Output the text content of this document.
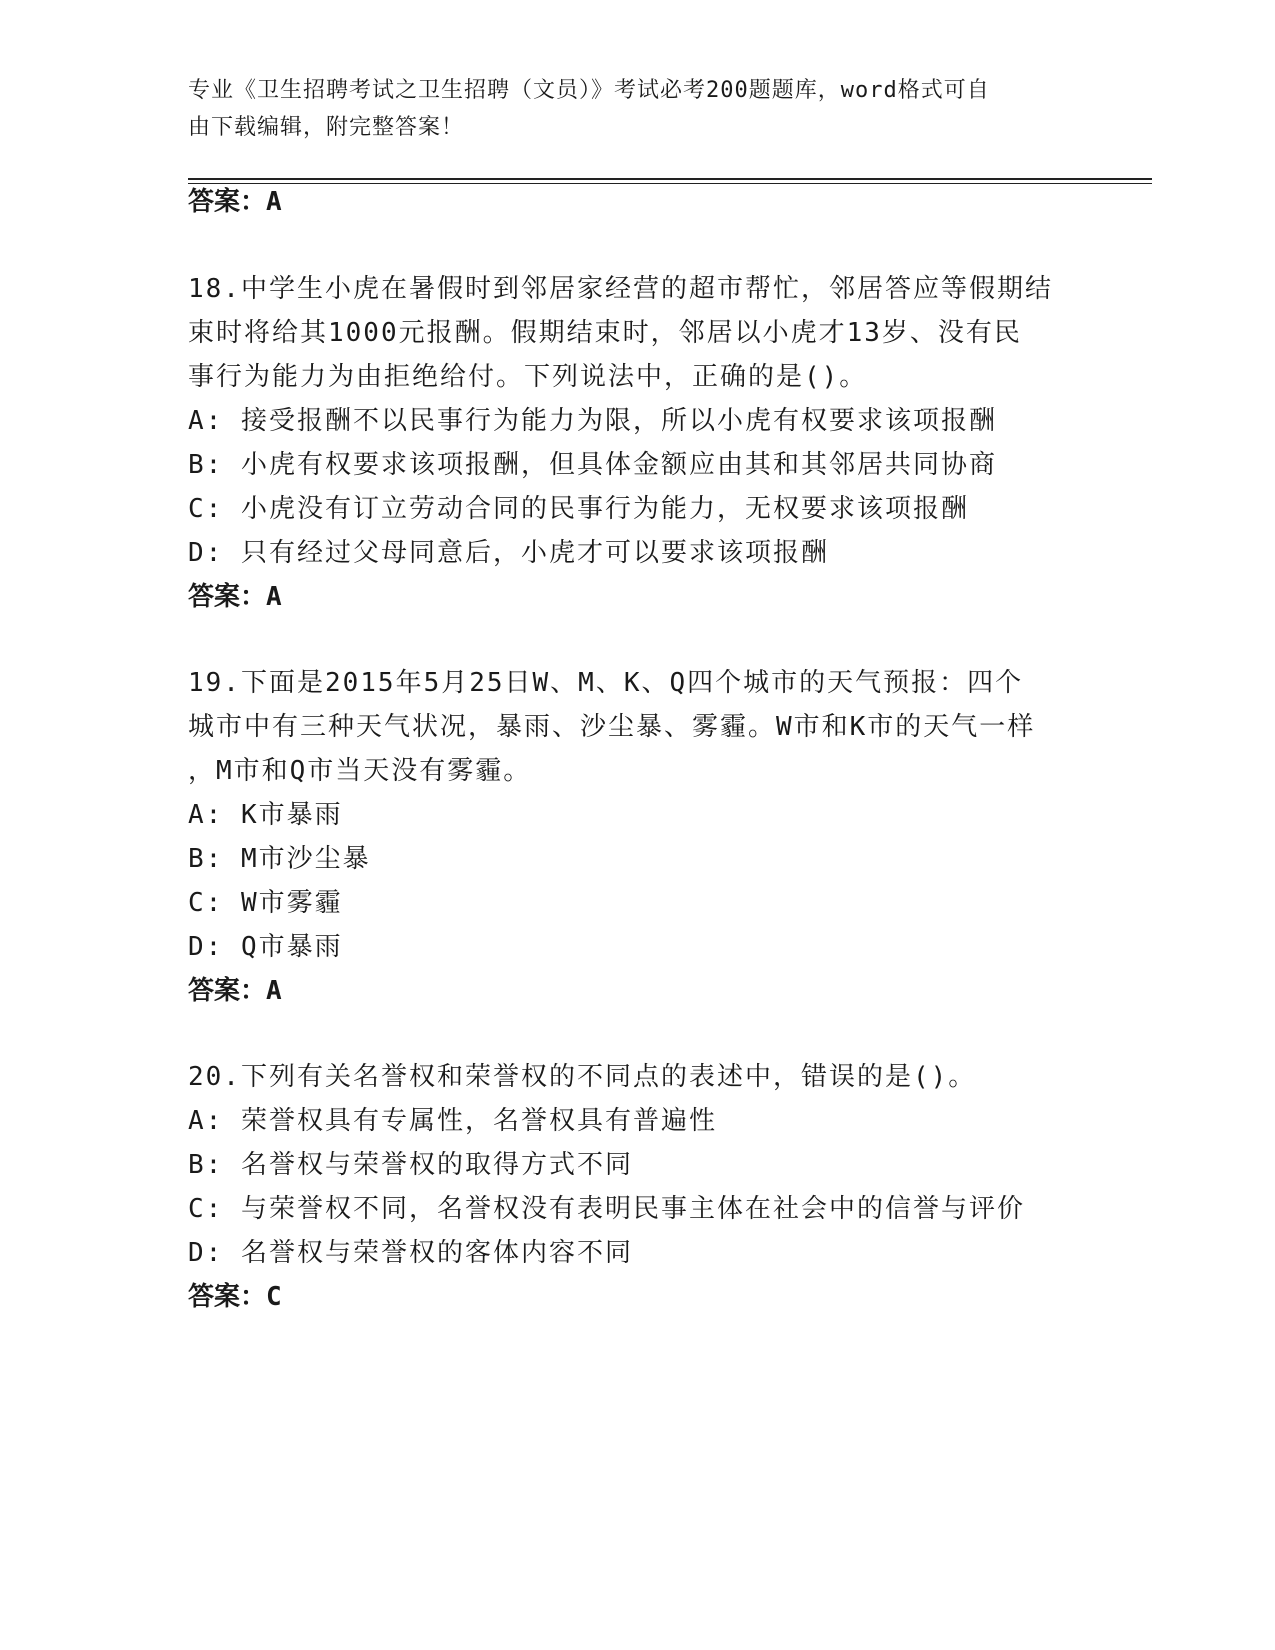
专业《卫生招聘考试之卫生招聘（文员）》考试必考200题题库，word格式可自
由下载编辑，附完整答案！
答案：A
18.中学生小虎在暑假时到邻居家经营的超市帮忙，邻居答应等假期结
束时将给其1000元报酬。假期结束时，邻居以小虎才13岁、没有民
事行为能力为由拒绝给付。下列说法中，正确的是()。
A: 接受报酬不以民事行为能力为限，所以小虎有权要求该项报酬
B: 小虎有权要求该项报酬，但具体金额应由其和其邻居共同协商
C: 小虎没有订立劳动合同的民事行为能力，无权要求该项报酬
D: 只有经过父母同意后，小虎才可以要求该项报酬
答案：A
19.下面是2015年5月25日W、M、K、Q四个城市的天气预报：四个
城市中有三种天气状况，暴雨、沙尘暴、雾霾。W市和K市的天气一样
，M市和Q市当天没有雾霾。
A: K市暴雨
B: M市沙尘暴
C: W市雾霾
D: Q市暴雨
答案：A
20.下列有关名誉权和荣誉权的不同点的表述中，错误的是()。
A: 荣誉权具有专属性，名誉权具有普遍性
B: 名誉权与荣誉权的取得方式不同
C: 与荣誉权不同，名誉权没有表明民事主体在社会中的信誉与评价
D: 名誉权与荣誉权的客体内容不同
答案：C
